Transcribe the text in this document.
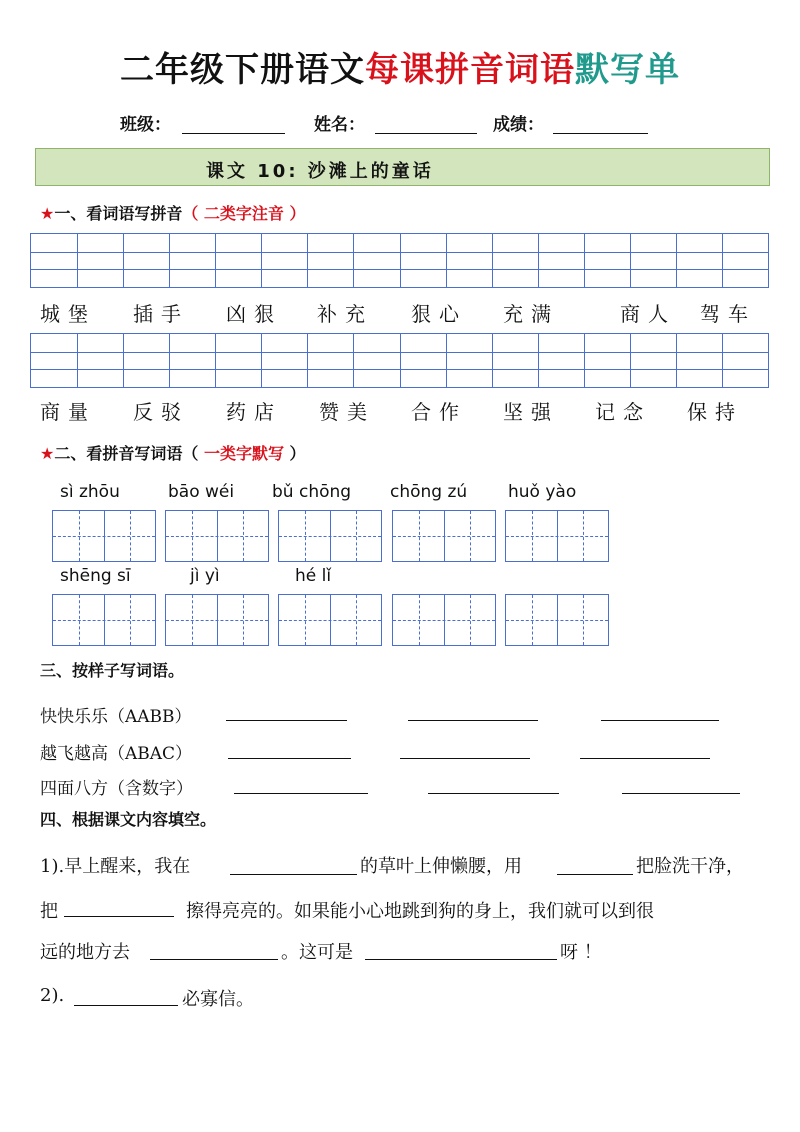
二年级下册语文每课拼音词语默写单
班级：	姓名：	成绩：
课文 10: 沙滩上的童话
★一、看词语写拼音（ 二类字注音 ）
城堡 插手 凶狠 补充 狠心 充满	商人 驾车
商量 反驳 药店 赞美 合作 坚强 记念 保持
★二、看拼音写词语（ 一类字默写 ）
sì zhōu	bāo wéi bǔ chōng chōng zú huǒ yào
shēng sī	jì yì	hé lǐ
三、按样子写词语。
快快乐乐（AABB）
越飞越高（ABAC）
四面八方（含数字）
四、根据课文内容填空。
1).早上醒来，我在	的草叶上伸懒腰，用	把脸洗干净，
把	擦得亮亮的。如果能小心地跳到狗的身上，我们就可以到很
远的地方去	。这可是	呀 ！
2).	必寡信。
